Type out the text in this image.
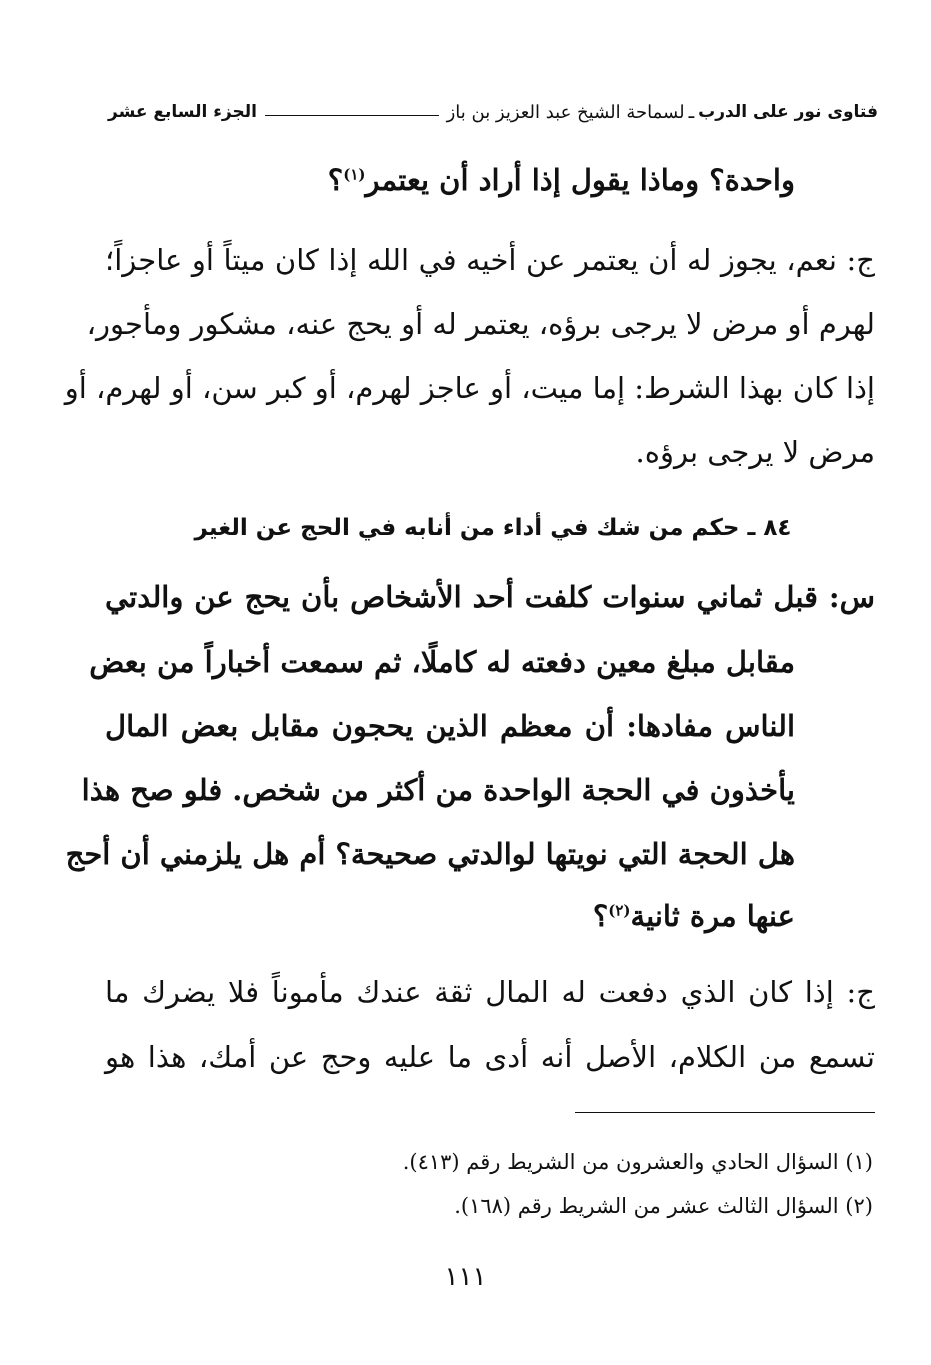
فتاوى نور على الدرب
ـ
لسماحة الشيخ عبد العزيز بن باز
الجزء السابع عشر
واحدة؟ وماذا يقول إذا أراد أن يعتمر$^{(١)}$؟
ج: نعم، يجوز له أن يعتمر عن أخيه في الله إذا كان ميتاً أو عاجزاً؛
لهرم أو مرض لا يرجى برؤه، يعتمر له أو يحج عنه، مشكور ومأجور،
إذا كان بهذا الشرط: إما ميت، أو عاجز لهرم، أو كبر سن، أو لهرم، أو
مرض لا يرجى برؤه.
٨٤ ـ حكم من شك في أداء من أنابه في الحج عن الغير
س: قبل ثماني سنوات كلفت أحد الأشخاص بأن يحج عن والدتي
مقابل مبلغ معين دفعته له كاملًا، ثم سمعت أخباراً من بعض
الناس مفادها: أن معظم الذين يحجون مقابل بعض المال
يأخذون في الحجة الواحدة من أكثر من شخص. فلو صح هذا
هل الحجة التي نويتها لوالدتي صحيحة؟ أم هل يلزمني أن أحج
عنها مرة ثانية$^{(٢)}$؟
ج: إذا كان الذي دفعت له المال ثقة عندك مأموناً فلا يضرك ما
تسمع من الكلام، الأصل أنه أدى ما عليه وحج عن أمك، هذا هو
(١) السؤال الحادي والعشرون من الشريط رقم (٤١٣).
(٢) السؤال الثالث عشر من الشريط رقم (١٦٨).
١١١
